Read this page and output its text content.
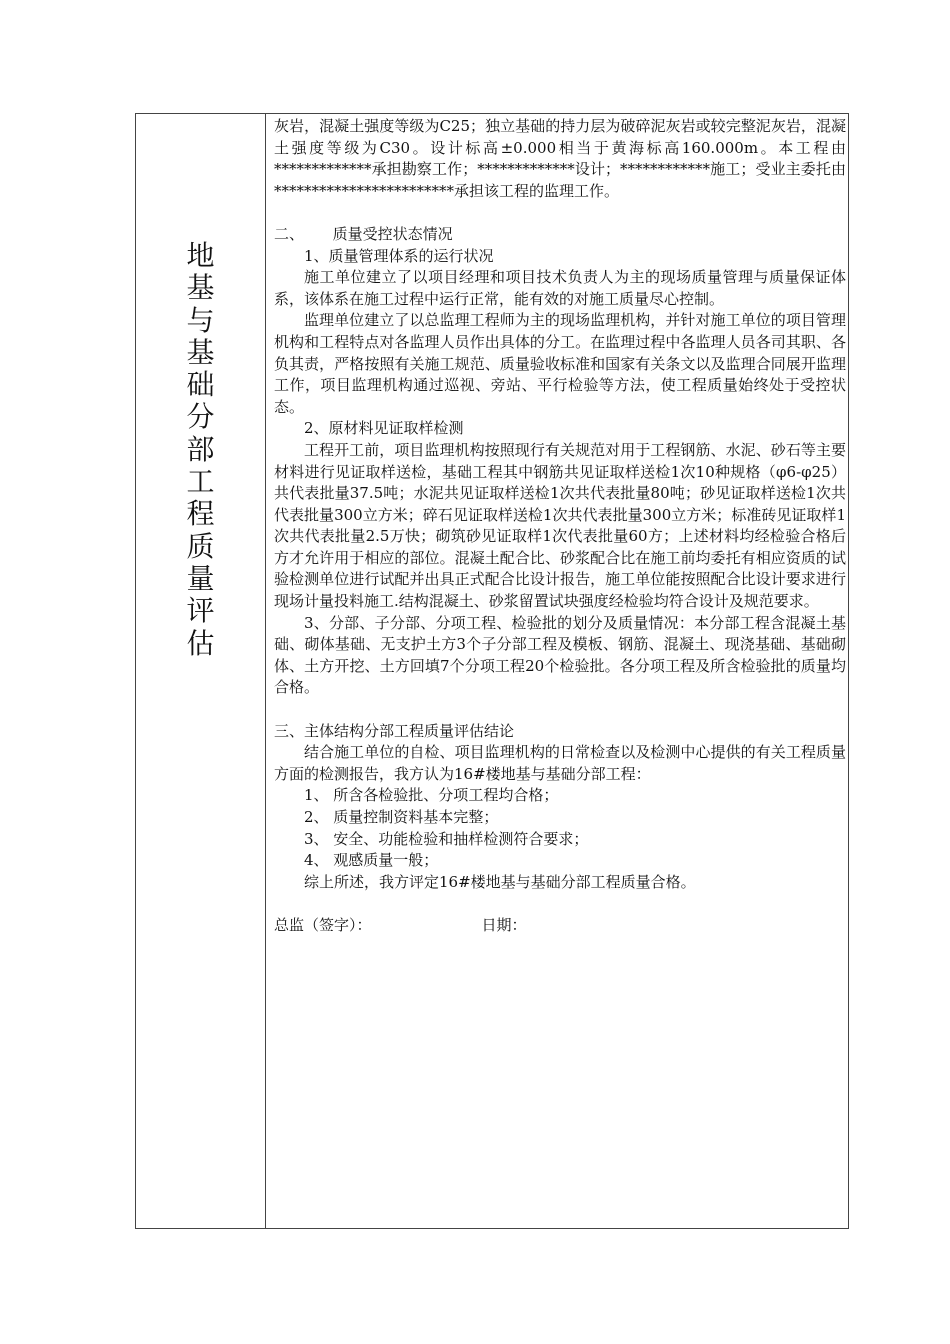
地
基
与
基
础
分
部
工
程
质
量
评
估

灰岩，混凝土强度等级为C25；独立基础的持力层为破碎泥灰岩或较完整泥灰岩，混凝土强度等级为C30。设计标高±0.000相当于黄海标高160.000m。本工程由*************承担勘察工作；*************设计；************施工；受业主委托由************************承担该工程的监理工作。

二、      质量受控状态情况

1、质量管理体系的运行状况

施工单位建立了以项目经理和项目技术负责人为主的现场质量管理与质量保证体系，该体系在施工过程中运行正常，能有效的对施工质量尽心控制。

监理单位建立了以总监理工程师为主的现场监理机构，并针对施工单位的项目管理机构和工程特点对各监理人员作出具体的分工。在监理过程中各监理人员各司其职、各负其责，严格按照有关施工规范、质量验收标准和国家有关条文以及监理合同展开监理工作，项目监理机构通过巡视、旁站、平行检验等方法，使工程质量始终处于受控状态。

2、原材料见证取样检测

工程开工前，项目监理机构按照现行有关规范对用于工程钢筋、水泥、砂石等主要材料进行见证取样送检，基础工程其中钢筋共见证取样送检1次10种规格（φ6-φ25）共代表批量37.5吨；水泥共见证取样送检1次共代表批量80吨；砂见证取样送检1次共代表批量300立方米；碎石见证取样送检1次共代表批量300立方米；标准砖见证取样1次共代表批量2.5万快；砌筑砂见证取样1次代表批量60方；上述材料均经检验合格后方才允许用于相应的部位。混凝土配合比、砂浆配合比在施工前均委托有相应资质的试验检测单位进行试配并出具正式配合比设计报告，施工单位能按照配合比设计要求进行现场计量投料施工.结构混凝土、砂浆留置试块强度经检验均符合设计及规范要求。

3、分部、子分部、分项工程、检验批的划分及质量情况：本分部工程含混凝土基础、砌体基础、无支护土方3个子分部工程及模板、钢筋、混凝土、现浇基础、基础砌体、土方开挖、土方回填7个分项工程20个检验批。各分项工程及所含检验批的质量均合格。

三、主体结构分部工程质量评估结论

结合施工单位的自检、项目监理机构的日常检查以及检测中心提供的有关工程质量方面的检测报告，我方认为16#楼地基与基础分部工程：

1、 所含各检验批、分项工程均合格；

2、 质量控制资料基本完整；

3、 安全、功能检验和抽样检测符合要求；

4、 观感质量一般；

综上所述，我方评定16#楼地基与基础分部工程质量合格。

总监（签字）：	日期：
